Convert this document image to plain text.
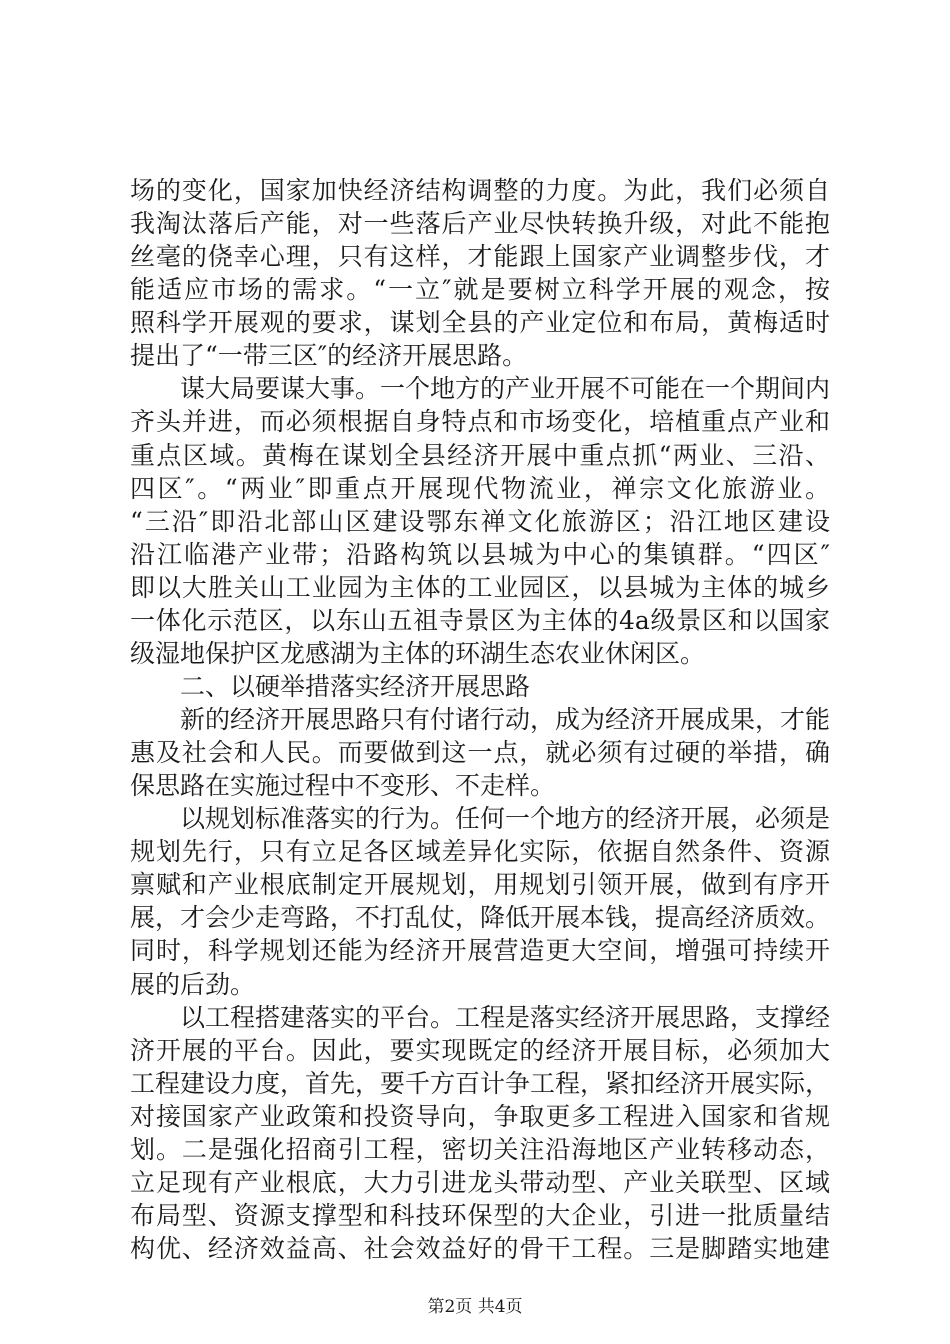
场的变化，国家加快经济结构调整的力度。为此，我们必须自
我淘汰落后产能，对一些落后产业尽快转换升级，对此不能抱
丝毫的侥幸心理，只有这样，才能跟上国家产业调整步伐，才
能适应市场的需求。“一立″就是要树立科学开展的观念，按
照科学开展观的要求，谋划全县的产业定位和布局，黄梅适时
提出了“一带三区″的经济开展思路。
　　谋大局要谋大事。一个地方的产业开展不可能在一个期间内
齐头并进，而必须根据自身特点和市场变化，培植重点产业和
重点区域。黄梅在谋划全县经济开展中重点抓“两业、三沿、
四区″。“两业″即重点开展现代物流业，禅宗文化旅游业。
“三沿″即沿北部山区建设鄂东禅文化旅游区；沿江地区建设
沿江临港产业带；沿路构筑以县城为中心的集镇群。“四区″
即以大胜关山工业园为主体的工业园区，以县城为主体的城乡
一体化示范区，以东山五祖寺景区为主体的4a级景区和以国家
级湿地保护区龙感湖为主体的环湖生态农业休闲区。
　　二、以硬举措落实经济开展思路
　　新的经济开展思路只有付诸行动，成为经济开展成果，才能
惠及社会和人民。而要做到这一点，就必须有过硬的举措，确
保思路在实施过程中不变形、不走样。
　　以规划标准落实的行为。任何一个地方的经济开展，必须是
规划先行，只有立足各区域差异化实际，依据自然条件、资源
禀赋和产业根底制定开展规划，用规划引领开展，做到有序开
展，才会少走弯路，不打乱仗，降低开展本钱，提高经济质效。
同时，科学规划还能为经济开展营造更大空间，增强可持续开
展的后劲。
　　以工程搭建落实的平台。工程是落实经济开展思路，支撑经
济开展的平台。因此，要实现既定的经济开展目标，必须加大
工程建设力度，首先，要千方百计争工程，紧扣经济开展实际，
对接国家产业政策和投资导向，争取更多工程进入国家和省规
划。二是强化招商引工程，密切关注沿海地区产业转移动态，
立足现有产业根底，大力引进龙头带动型、产业关联型、区域
布局型、资源支撑型和科技环保型的大企业，引进一批质量结
构优、经济效益高、社会效益好的骨干工程。三是脚踏实地建
第2页 共4页
